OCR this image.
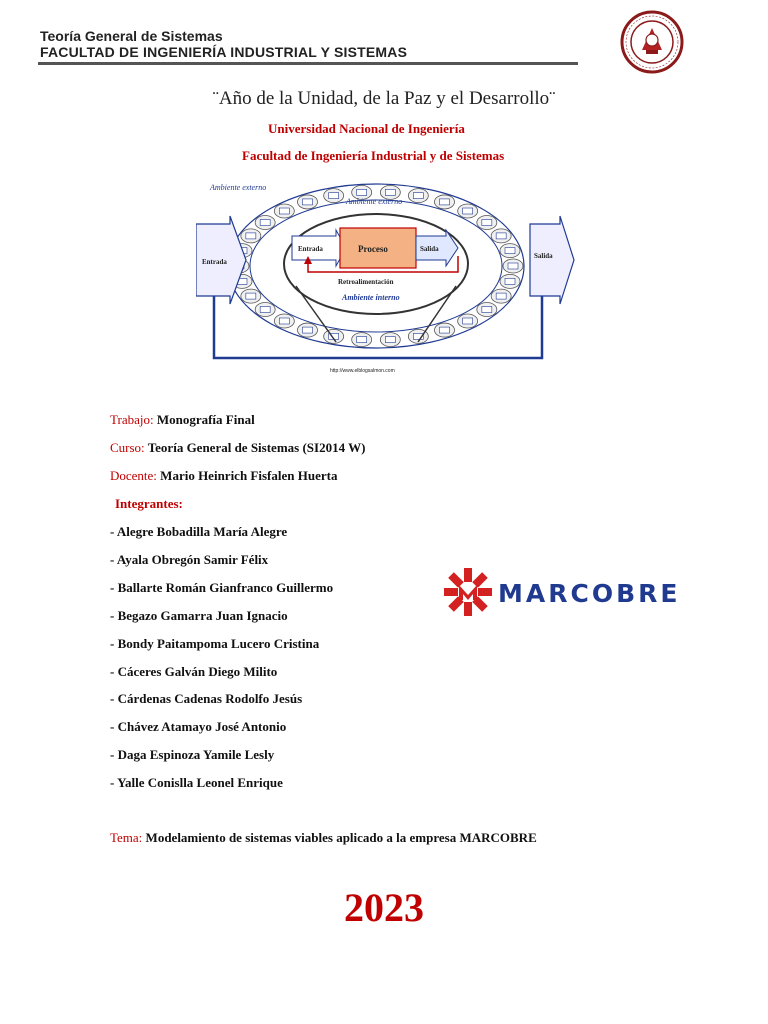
Teoría General de Sistemas
FACULTAD DE INGENIERÍA INDUSTRIAL Y SISTEMAS
¨Año de la Unidad, de la Paz y el Desarrollo¨
Universidad Nacional de Ingeniería
Facultad de Ingeniería Industrial y de Sistemas
Ambiente externo
Ambiente externo
Entrada
Salida
Entrada	Proceso	Salida
Retroalimentación
Ambiente interno
http://www.elblogsalmon.com
Trabajo: Monografía Final
Curso: Teoría General de Sistemas (SI2014 W)
Docente: Mario Heinrich Fisfalen Huerta
Integrantes:
- Alegre Bobadilla María Alegre
- Ayala Obregón Samir Félix
- Ballarte Román Gianfranco Guillermo
- Begazo Gamarra Juan Ignacio
- Bondy Paitampoma Lucero Cristina
- Cáceres Galván Diego Milito
- Cárdenas Cadenas Rodolfo Jesús
- Chávez Atamayo José Antonio
- Daga Espinoza Yamile Lesly
- Yalle Conislla Leonel Enrique
MARCOBRE
Tema: Modelamiento de sistemas viables aplicado a la empresa MARCOBRE
2023
